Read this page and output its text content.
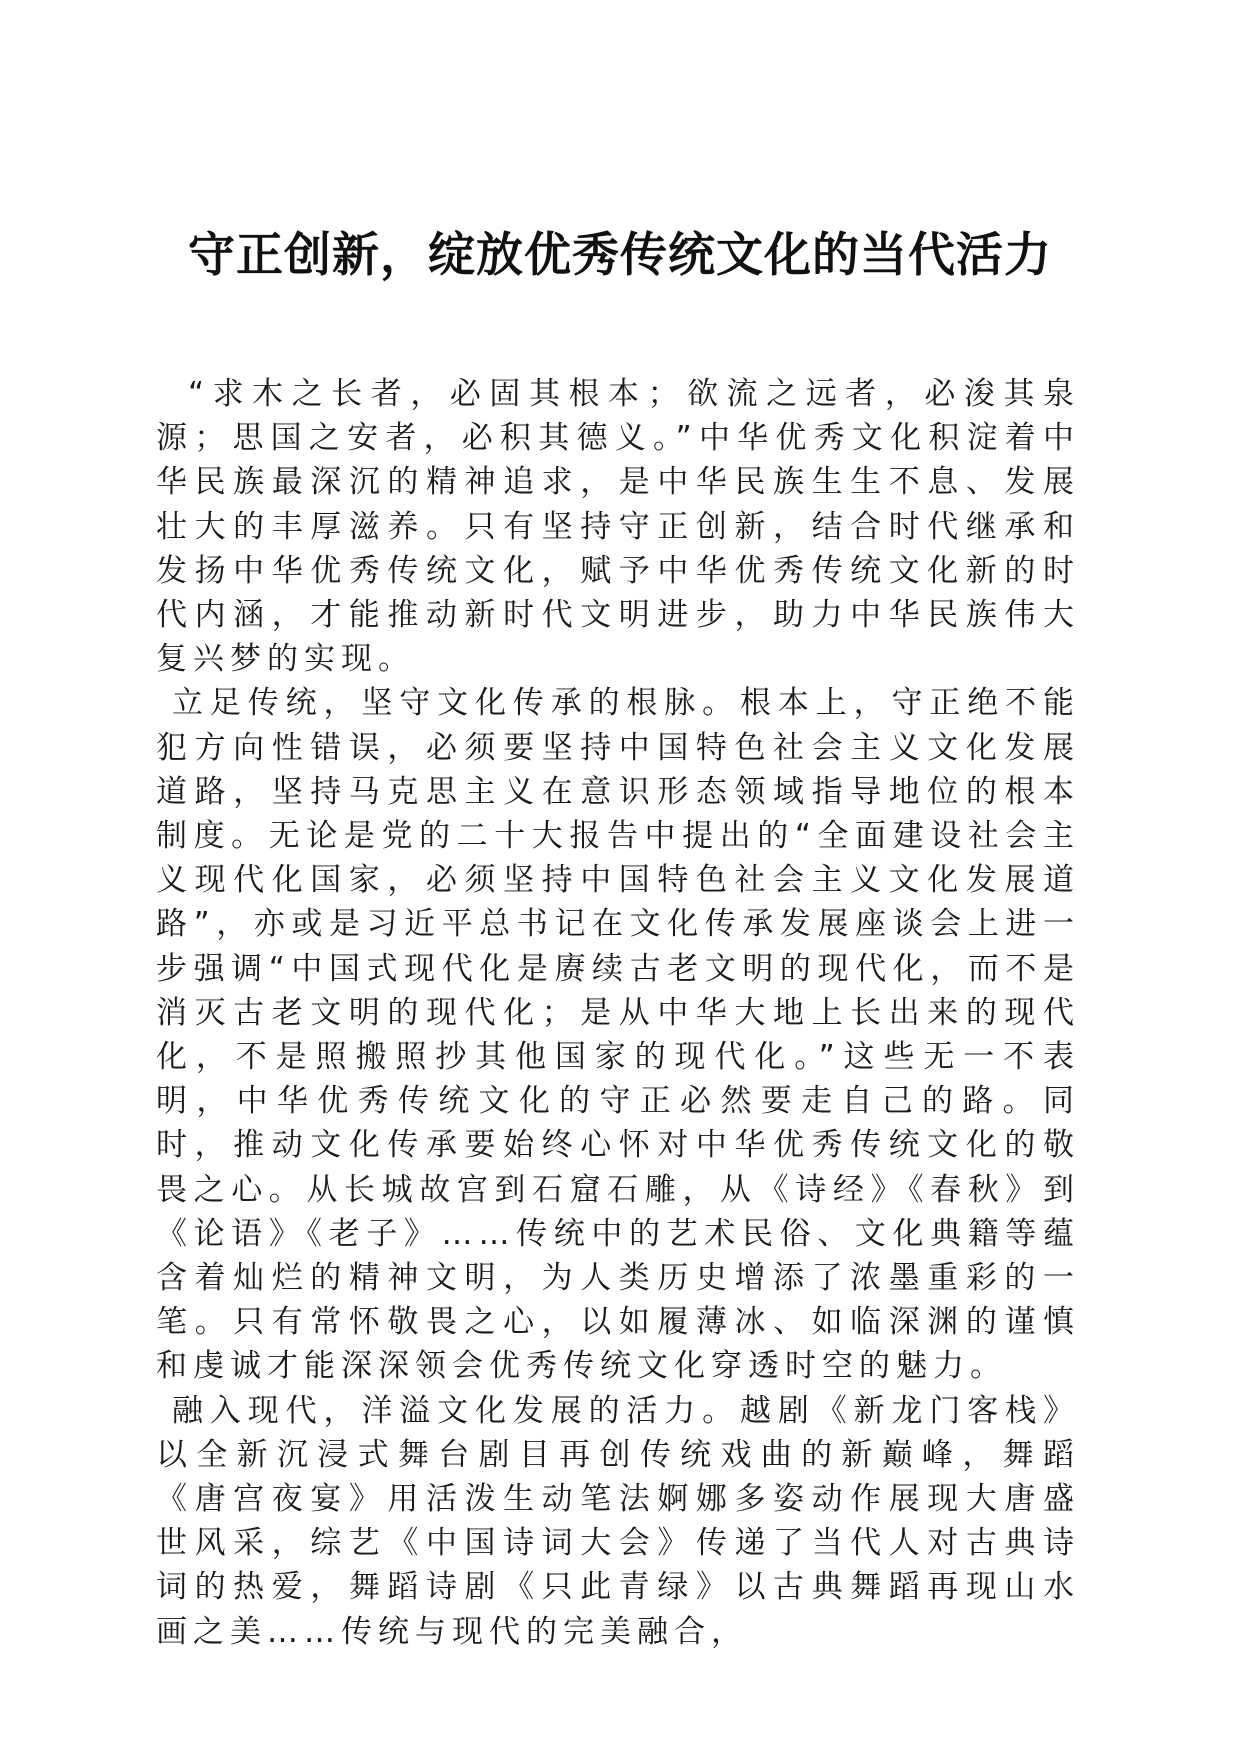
守正创新，绽放优秀传统文化的当代活力

“求木之长者，必固其根本；欲流之远者，必浚其泉源；思国之安者，必积其德义。”中华优秀文化积淀着中华民族最深沉的精神追求，是中华民族生生不息、发展壮大的丰厚滋养。只有坚持守正创新，结合时代继承和发扬中华优秀传统文化，赋予中华优秀传统文化新的时代内涵，才能推动新时代文明进步，助力中华民族伟大复兴梦的实现。

立足传统，坚守文化传承的根脉。根本上，守正绝不能犯方向性错误，必须要坚持中国特色社会主义文化发展道路，坚持马克思主义在意识形态领域指导地位的根本制度。无论是党的二十大报告中提出的“全面建设社会主义现代化国家，必须坚持中国特色社会主义文化发展道路”，亦或是习近平总书记在文化传承发展座谈会上进一步强调“中国式现代化是赓续古老文明的现代化，而不是消灭古老文明的现代化；是从中华大地上长出来的现代化，不是照搬照抄其他国家的现代化。”这些无一不表明，中华优秀传统文化的守正必然要走自己的路。同时，推动文化传承要始终心怀对中华优秀传统文化的敬畏之心。从长城故宫到石窟石雕，从《诗经》《春秋》到《论语》《老子》……传统中的艺术民俗、文化典籍等蕴含着灿烂的精神文明，为人类历史增添了浓墨重彩的一笔。只有常怀敬畏之心，以如履薄冰、如临深渊的谨慎和虔诚才能深深领会优秀传统文化穿透时空的魅力。

融入现代，洋溢文化发展的活力。越剧《新龙门客栈》以全新沉浸式舞台剧目再创传统戏曲的新巅峰，舞蹈《唐宫夜宴》用活泼生动笔法婀娜多姿动作展现大唐盛世风采，综艺《中国诗词大会》传递了当代人对古典诗词的热爱，舞蹈诗剧《只此青绿》以古典舞蹈再现山水画之美……传统与现代的完美融合，
